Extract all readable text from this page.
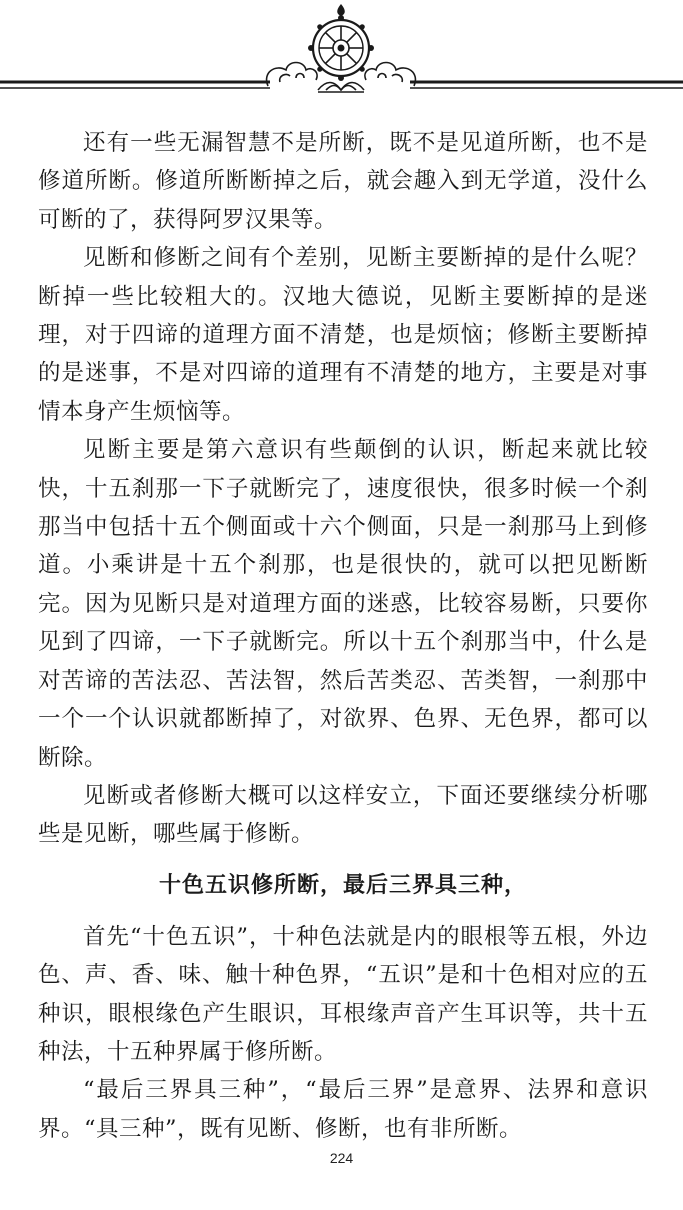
还有一些无漏智慧不是所断，既不是见道所断，也不是修道所断。修道所断断掉之后，就会趣入到无学道，没什么可断的了，获得阿罗汉果等。

见断和修断之间有个差别，见断主要断掉的是什么呢？断掉一些比较粗大的。汉地大德说，见断主要断掉的是迷理，对于四谛的道理方面不清楚，也是烦恼；修断主要断掉的是迷事，不是对四谛的道理有不清楚的地方，主要是对事情本身产生烦恼等。

见断主要是第六意识有些颠倒的认识，断起来就比较快，十五刹那一下子就断完了，速度很快，很多时候一个刹那当中包括十五个侧面或十六个侧面，只是一刹那马上到修道。小乘讲是十五个刹那，也是很快的，就可以把见断断完。因为见断只是对道理方面的迷惑，比较容易断，只要你见到了四谛，一下子就断完。所以十五个刹那当中，什么是对苦谛的苦法忍、苦法智，然后苦类忍、苦类智，一刹那中一个一个认识就都断掉了，对欲界、色界、无色界，都可以断除。

见断或者修断大概可以这样安立，下面还要继续分析哪些是见断，哪些属于修断。

十色五识修所断，最后三界具三种，

首先“十色五识”，十种色法就是内的眼根等五根，外边色、声、香、味、触十种色界，“五识”是和十色相对应的五种识，眼根缘色产生眼识，耳根缘声音产生耳识等，共十五种法，十五种界属于修所断。

“最后三界具三种”，“最后三界”是意界、法界和意识界。“具三种”，既有见断、修断，也有非所断。

224
